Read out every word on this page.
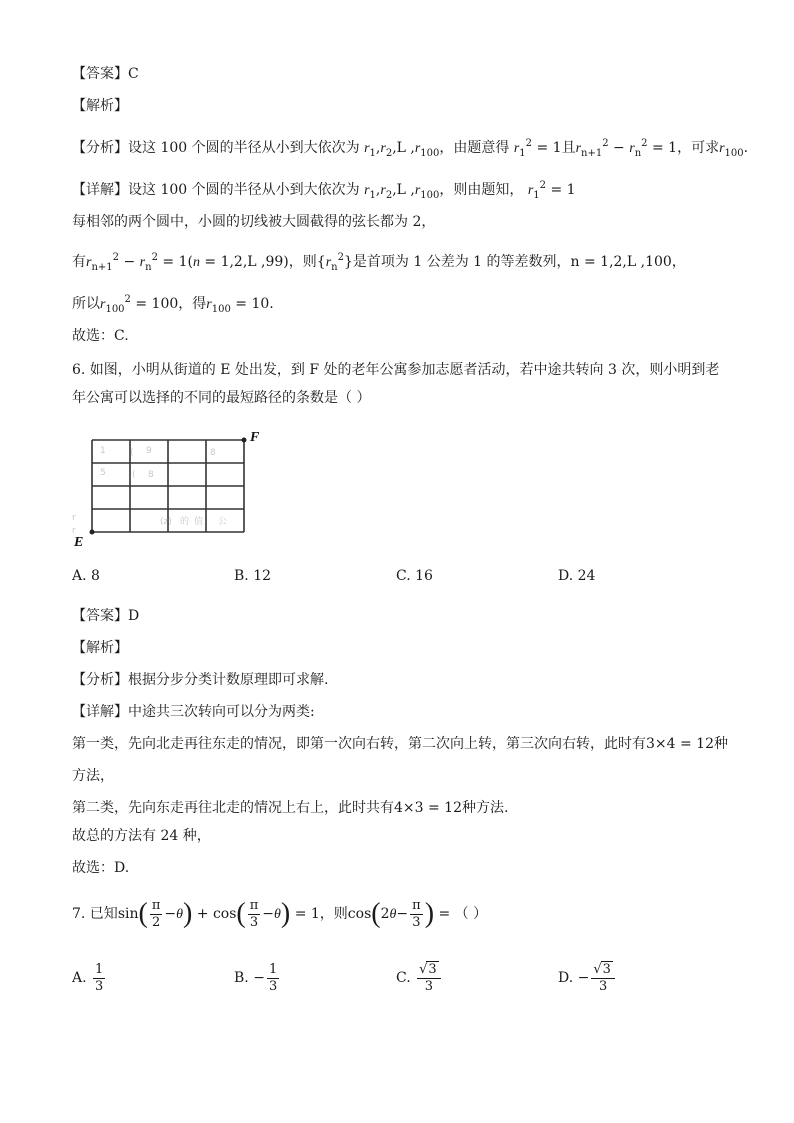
【答案】C
【解析】
【分析】设这 100 个圆的半径从小到大依次为 $r_1,r_2,L$ $,r_{100}$，由题意得 $r_1^2 = 1$且$r_{n+1}^2 - r_n^2 = 1$，可求$r_{100}$.
【详解】设这 100 个圆的半径从小到大依次为 $r_1,r_2,L$ $,r_{100}$，则由题知， $r_1^2 = 1$
每相邻的两个圆中，小圆的切线被大圆截得的弦长都为 2，
有$r_{n+1}^2 - r_n^2 = 1(n = 1,2,L$ ,99)，则$\{r_n^2\}$是首项为 1 公差为 1 的等差数列，n = 1,2,L ,100，
所以$r_{100}^2 = 100$，得$r_{100} = 10$.
故选：C.
6. 如图，小明从街道的 E 处出发，到 F 处的老年公寓参加志愿者活动，若中途共转向 3 次，则小明到老
年公寓可以选择的不同的最短路径的条数是（ ）
1	( 9
5	( 8
8
(z) 的 值 公
r
r
F
E
A. 8	B. 12	C. 16	D. 24
【答案】D
【解析】
【分析】根据分步分类计数原理即可求解.
【详解】中途共三次转向可以分为两类:
第一类，先向北走再往东走的情况，即第一次向右转，第二次向上转，第三次向右转，此时有3×4 = 12种
方法，
第二类，先向东走再往北走的情况上右上，此时共有4×3 = 12种方法.
故总的方法有 24 种，
故选：D.
7. 已知$\sin( \frac{\pi}{2} -\theta) + \cos( \frac{\pi}{3} -\theta) = 1$，则$\cos(2\theta- \frac{\pi}{3}$ ) = （ ）
A. $\frac{1}{3}$	B. − $\frac{1}{3}$	C. $\frac{√3}{3}$	D. − $\frac{√3}{3}$
